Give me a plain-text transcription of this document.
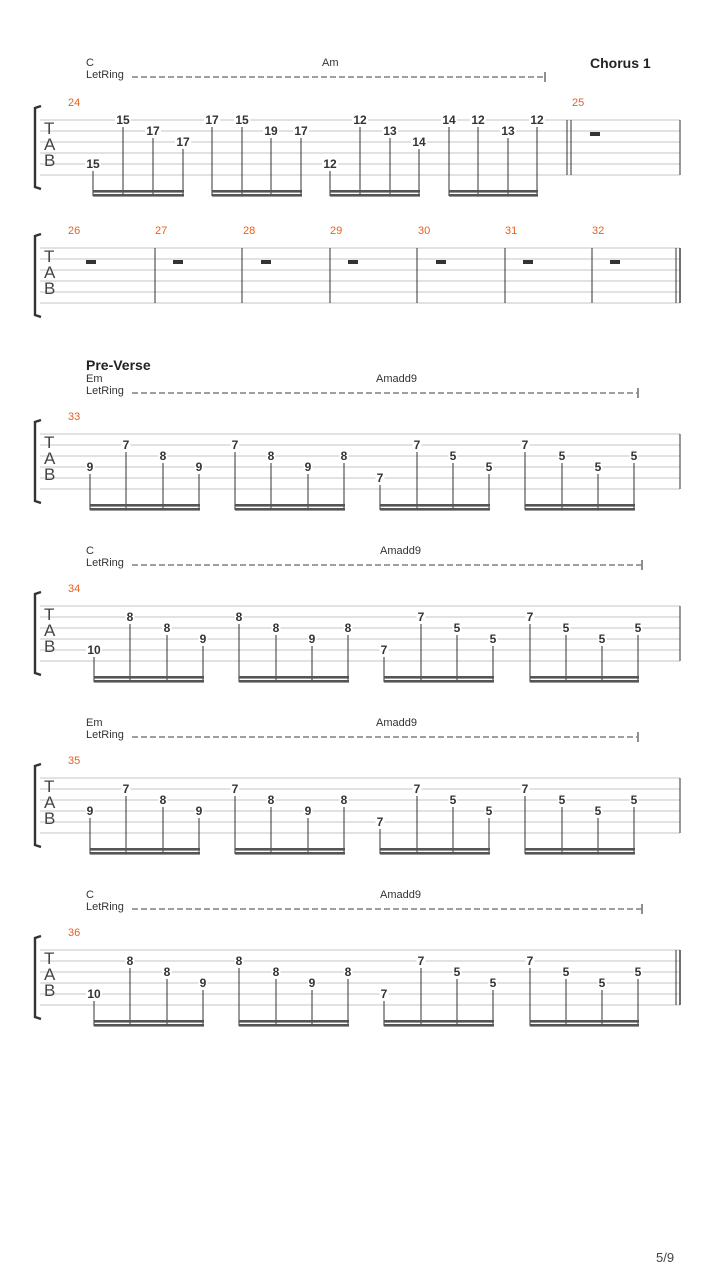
15
15
17
17
17 15
19 17
12
12
13
14
14 12
13
12
9
7
8
9
7
8
9
8
7
7
5
5
7
5
5
5
10
8
8
9
8
8
9
8
7
7
5
5
7
5
5
5
9
7
8
9
7
8
9
8
7
7
5
5
7
5
5
5
10
8
8
9
8
8
9
8
7
7
5
5
7
5
5
5
T
A
B
Chorus 1
C	Am
LetRing
24	25
T
A
B
26	27	28	29	30	31	32
T
A
B
Pre-Verse
Em	Amadd9
LetRing
33
T
A
B
C	Amadd9
LetRing
34
T
A
B
Em	Amadd9
LetRing
35
T
A
B
C	Amadd9
LetRing
36
5/9
